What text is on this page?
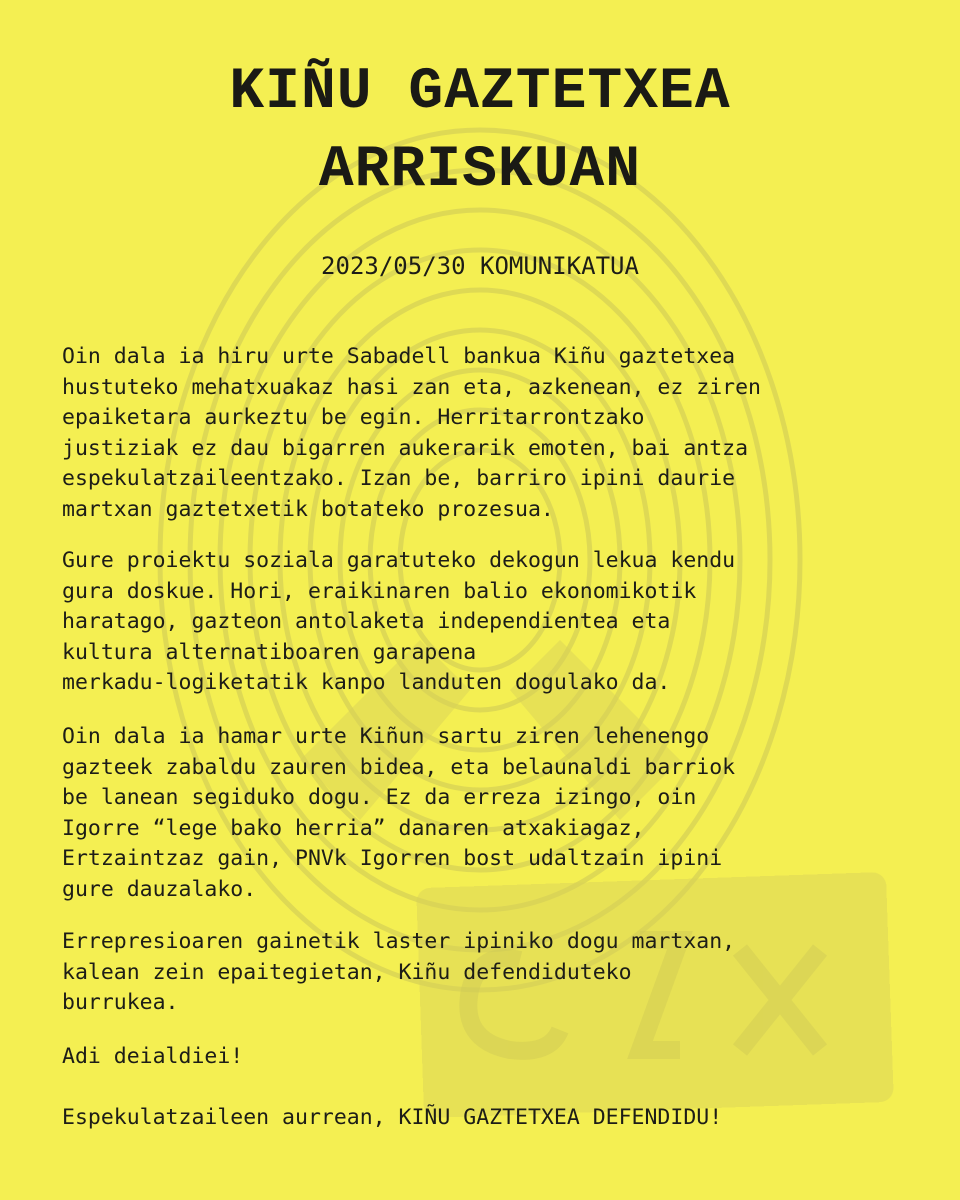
KIÑU GAZTETXEA
ARRISKUAN

2023/05/30 KOMUNIKATUA

Oin dala ia hiru urte Sabadell bankua Kiñu gaztetxea
hustuteko mehatxuakaz hasi zan eta, azkenean, ez ziren
epaiketara aurkeztu be egin. Herritarrontzako
justiziak ez dau bigarren aukerarik emoten, bai antza
espekulatzaileentzako. Izan be, barriro ipini daurie
martxan gaztetxetik botateko prozesua.

Gure proiektu soziala garatuteko dekogun lekua kendu
gura doskue. Hori, eraikinaren balio ekonomikotik
haratago, gazteon antolaketa independientea eta
kultura alternatiboaren garapena
merkadu-logiketatik kanpo landuten dogulako da.

Oin dala ia hamar urte Kiñun sartu ziren lehenengo
gazteek zabaldu zauren bidea, eta belaunaldi barriok
be lanean segiduko dogu. Ez da erreza izingo, oin
Igorre “lege bako herria” danaren atxakiagaz,
Ertzaintzaz gain, PNVk Igorren bost udaltzain ipini
gure dauzalako.

Errepresioaren gainetik laster ipiniko dogu martxan,
kalean zein epaitegietan, Kiñu defendiduteko
burrukea.

Adi deialdiei!

Espekulatzaileen aurrean, KIÑU GAZTETXEA DEFENDIDU!
